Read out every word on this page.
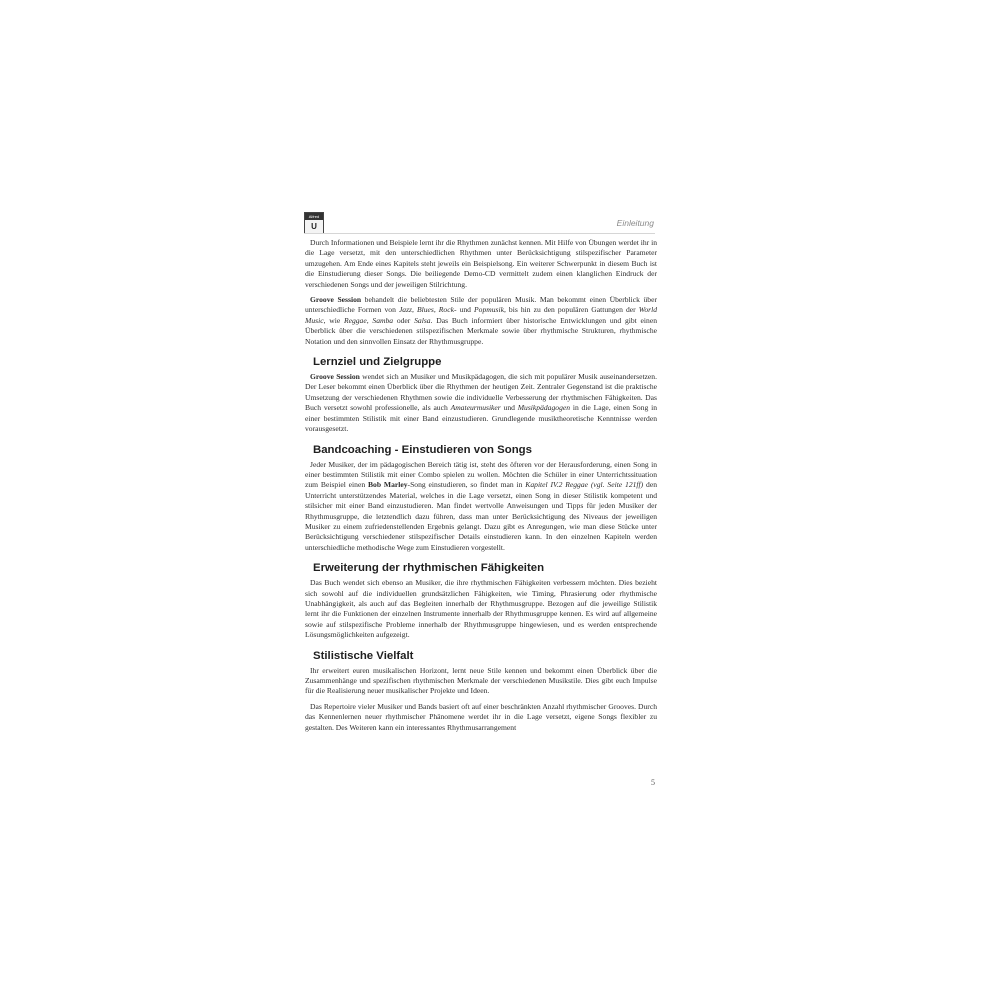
Alfred
U	Einleitung

Durch Informationen und Beispiele lernt ihr die Rhythmen zunächst kennen. Mit Hilfe von Übungen werdet ihr in die Lage versetzt, mit den unterschiedlichen Rhythmen unter Berücksichtigung stilspezifischer Parameter umzugehen. Am Ende eines Kapitels steht jeweils ein Beispielsong. Ein weiterer Schwerpunkt in diesem Buch ist die Einstudierung dieser Songs. Die beiliegende Demo-CD vermittelt zudem einen klanglichen Eindruck der verschiedenen Songs und der jeweiligen Stilrichtung.

Groove Session behandelt die beliebtesten Stile der populären Musik. Man bekommt einen Überblick über unterschiedliche Formen von Jazz, Blues, Rock- und Popmusik, bis hin zu den populären Gattungen der World Music, wie Reggae, Samba oder Salsa. Das Buch informiert über historische Entwicklungen und gibt einen Überblick über die verschiedenen stilspezifischen Merkmale sowie über rhythmische Strukturen, rhythmische Notation und den sinnvollen Einsatz der Rhythmusgruppe.

Lernziel und Zielgruppe

Groove Session wendet sich an Musiker und Musikpädagogen, die sich mit populärer Musik auseinandersetzen. Der Leser bekommt einen Überblick über die Rhythmen der heutigen Zeit. Zentraler Gegenstand ist die praktische Umsetzung der verschiedenen Rhythmen sowie die individuelle Verbesserung der rhythmischen Fähigkeiten. Das Buch versetzt sowohl professionelle, als auch Amateurmusiker und Musikpädagogen in die Lage, einen Song in einer bestimmten Stilistik mit einer Band einzustudieren. Grundlegende musiktheoretische Kenntnisse werden vorausgesetzt.

Bandcoaching - Einstudieren von Songs

Jeder Musiker, der im pädagogischen Bereich tätig ist, steht des öfteren vor der Herausforderung, einen Song in einer bestimmten Stilistik mit einer Combo spielen zu wollen. Möchten die Schüler in einer Unterrichtssituation zum Beispiel einen Bob Marley-Song einstudieren, so findet man in Kapitel IV.2 Reggae (vgl. Seite 121ff) den Unterricht unterstützendes Material, welches in die Lage versetzt, einen Song in dieser Stilistik kompetent und stilsicher mit einer Band einzustudieren. Man findet wertvolle Anweisungen und Tipps für jeden Musiker der Rhythmusgruppe, die letztendlich dazu führen, dass man unter Berücksichtigung des Niveaus der jeweiligen Musiker zu einem zufriedenstellenden Ergebnis gelangt. Dazu gibt es Anregungen, wie man diese Stücke unter Berücksichtigung verschiedener stilspezifischer Details einstudieren kann. In den einzelnen Kapiteln werden unterschiedliche methodische Wege zum Einstudieren vorgestellt.

Erweiterung der rhythmischen Fähigkeiten

Das Buch wendet sich ebenso an Musiker, die ihre rhythmischen Fähigkeiten verbessern möchten. Dies bezieht sich sowohl auf die individuellen grundsätzlichen Fähigkeiten, wie Timing, Phrasierung oder rhythmische Unabhängigkeit, als auch auf das Begleiten innerhalb der Rhythmusgruppe. Bezogen auf die jeweilige Stilistik lernt ihr die Funktionen der einzelnen Instrumente innerhalb der Rhythmusgruppe kennen. Es wird auf allgemeine sowie auf stilspezifische Probleme innerhalb der Rhythmusgruppe hingewiesen, und es werden entsprechende Lösungsmöglichkeiten aufgezeigt.

Stilistische Vielfalt

Ihr erweitert euren musikalischen Horizont, lernt neue Stile kennen und bekommt einen Überblick über die Zusammenhänge und spezifischen rhythmischen Merkmale der verschiedenen Musikstile. Dies gibt euch Impulse für die Realisierung neuer musikalischer Projekte und Ideen.

Das Repertoire vieler Musiker und Bands basiert oft auf einer beschränkten Anzahl rhythmischer Grooves. Durch das Kennenlernen neuer rhythmischer Phänomene werdet ihr in die Lage versetzt, eigene Songs flexibler zu gestalten. Des Weiteren kann ein interessantes Rhythmusarrangement

5
